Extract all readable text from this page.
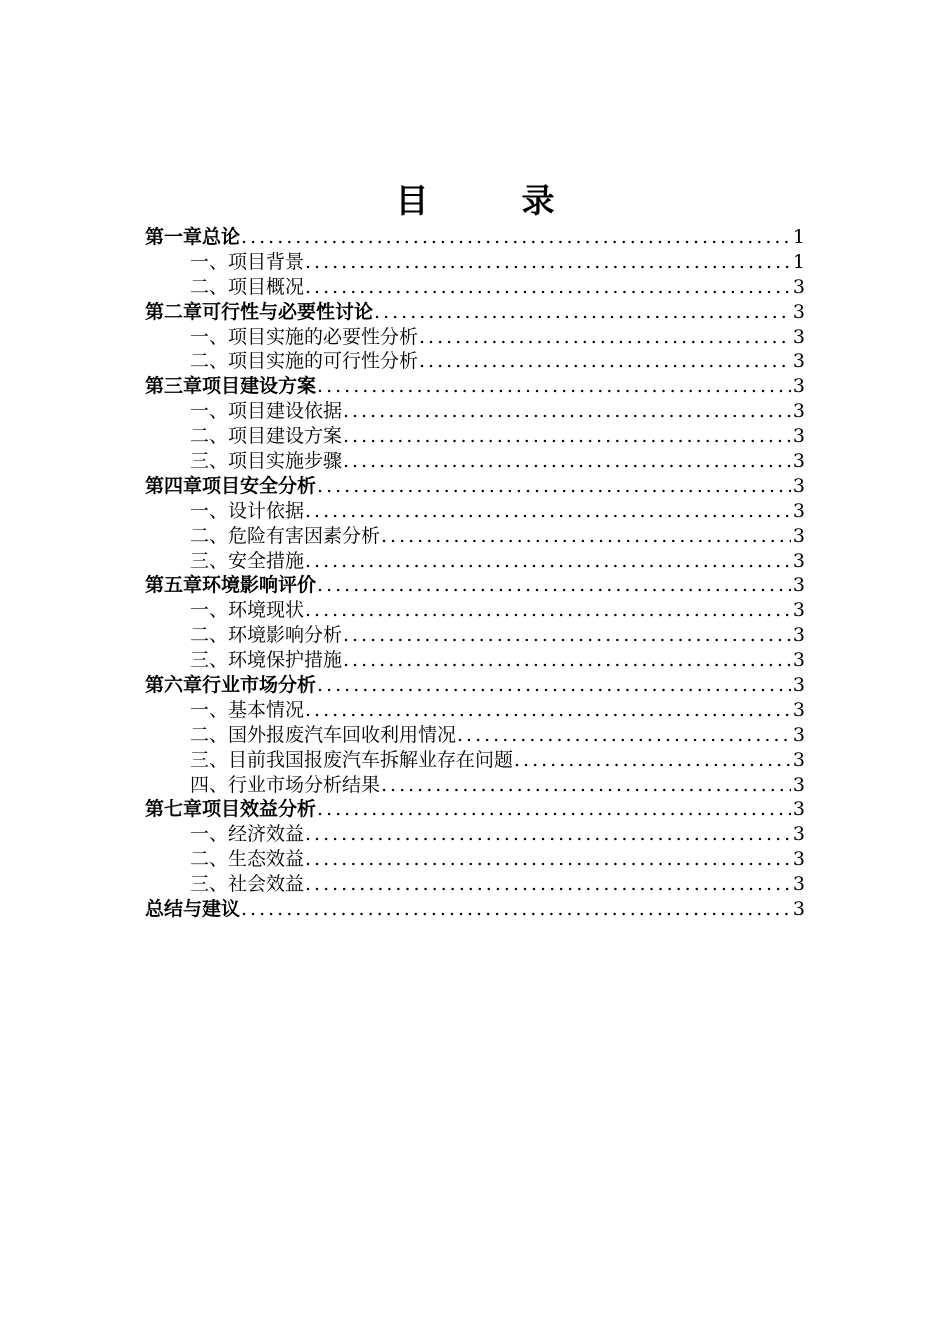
目　录
第一章 总论 .....	1
一、项目背景 .....	1
二、项目概况 .....	3
第二章 可行性与必要性讨论 .....	3
一、项目实施的必要性分析 .....	3
二、项目实施的可行性分析 .....	3
第三章 项目建设方案 .....	3
一、项目建设依据 .....	3
二、项目建设方案 .....	3
三、项目实施步骤 .....	3
第四章 项目安全分析 .....	3
一、设计依据 .....	3
二、危险有害因素分析 .....	3
三、安全措施 .....	3
第五章 环境影响评价 .....	3
一、环境现状 .....	3
二、环境影响分析 .....	3
三、环境保护措施 .....	3
第六章 行业市场分析 .....	3
一、基本情况 .....	3
二、国外报废汽车回收利用情况 .....	3
三、目前我国报废汽车拆解业存在问题 .....	3
四、行业市场分析结果 .....	3
第七章 项目效益分析 .....	3
一、经济效益 .....	3
二、生态效益 .....	3
三、社会效益 .....	3
总结与建议 .....	3
